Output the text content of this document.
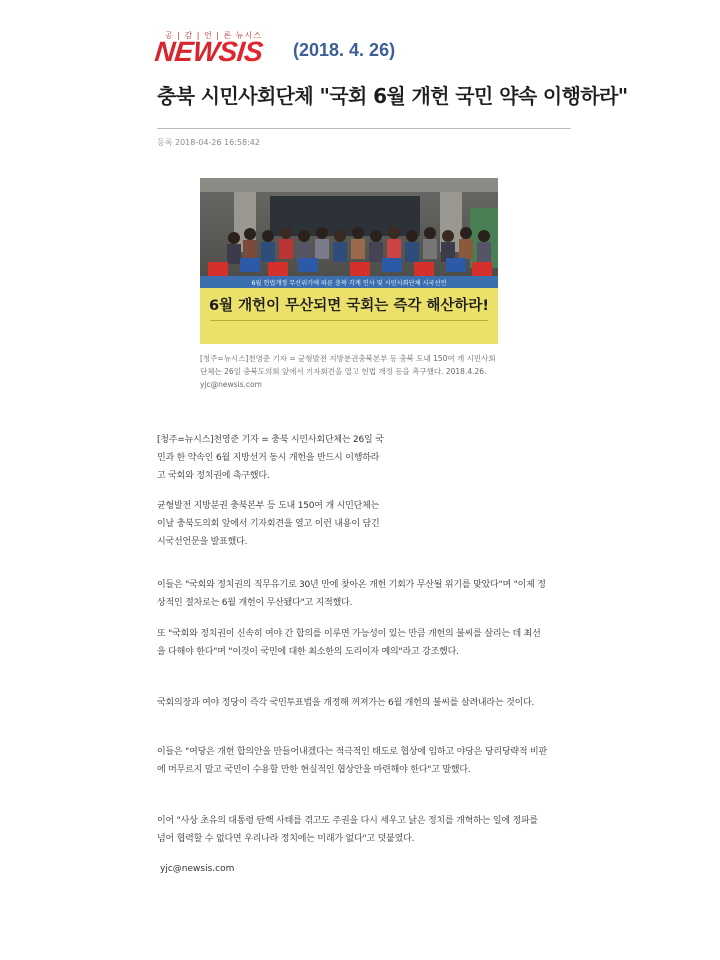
공 | 감 | 언 | 론 뉴시스
NEWSIS (2018. 4. 26)
충북 시민사회단체 "국회 6월 개헌 국민 약속 이행하라"
등록 2018-04-26 16:58:42
6월 헌법개정 무산위기에 따른 충북 각계 인사 및 시민사회단체 시국선언
6월 개헌이 무산되면 국회는 즉각 해산하라!
[청주=뉴시스]천영준 기자 = 균형발전 지방분권충북본부 등 충북 도내 150여 개 시민사회단체는 26일 충북도의회 앞에서 기자회견을 열고 헌법 개정 등을 촉구했다. 2018.4.26. yjc@newsis.com
[청주=뉴시스]천영준 기자 = 충북 시민사회단체는 26일 국민과 한 약속인 6월 지방선거 동시 개헌을 반드시 이행하라고 국회와 정치권에 촉구했다.
균형발전 지방분권 충북본부 등 도내 150여 개 시민단체는 이날 충북도의회 앞에서 기자회견을 열고 이런 내용이 담긴 시국선언문을 발표했다.
이들은 "국회와 정치권의 직무유기로 30년 만에 찾아온 개헌 기회가 무산될 위기를 맞았다"며 "이제 정상적인 절차로는 6월 개헌이 무산됐다"고 지적했다.
또 "국회와 정치권이 신속히 여야 간 합의를 이루면 가능성이 있는 만큼 개헌의 불씨를 살리는 데 최선을 다해야 한다"며 "이것이 국민에 대한 최소한의 도리이자 예의"라고 강조했다.
국회의장과 여야 정당이 즉각 국민투표법을 개정해 꺼져가는 6월 개헌의 불씨를 살려내라는 것이다.
이들은 "여당은 개헌 합의안을 만들어내겠다는 적극적인 태도로 협상에 임하고 야당은 당리당략적 비판에 머무르지 말고 국민이 수용할 만한 현실적인 협상안을 마련해야 한다"고 말했다.
이어 "사상 초유의 대통령 탄핵 사태를 겪고도 주권을 다시 세우고 낡은 정치를 개혁하는 일에 정파를 넘어 협력할 수 없다면 우리나라 정치에는 미래가 없다"고 덧붙였다.
yjc@newsis.com
